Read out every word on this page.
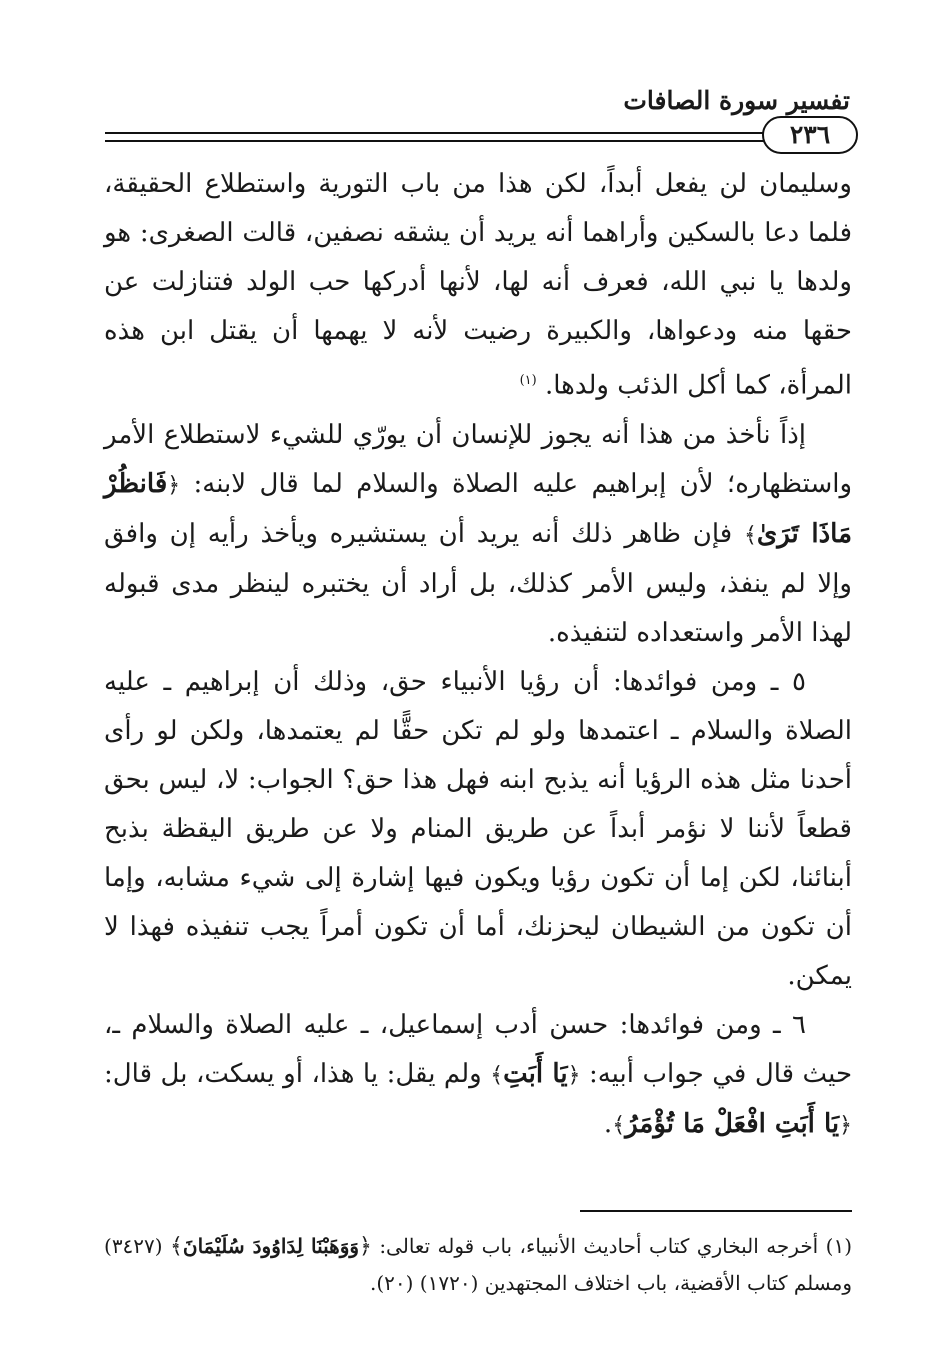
تفسير سورة الصافات
٢٣٦

وسليمان لن يفعل أبداً، لكن هذا من باب التورية واستطلاع الحقيقة، فلما دعا بالسكين وأراهما أنه يريد أن يشقه نصفين، قالت الصغرى: هو ولدها يا نبي الله، فعرف أنه لها، لأنها أدركها حب الولد فتنازلت عن حقها منه ودعواها، والكبيرة رضيت لأنه لا يهمها أن يقتل ابن هذه المرأة، كما أكل الذئب ولدها. $^{(١)}$

إذاً نأخذ من هذا أنه يجوز للإنسان أن يورّي للشيء لاستطلاع الأمر واستظهاره؛ لأن إبراهيم عليه الصلاة والسلام لما قال لابنه: ﴿فَانظُرْ مَاذَا تَرَىٰ﴾ فإن ظاهر ذلك أنه يريد أن يستشيره ويأخذ رأيه إن وافق وإلا لم ينفذ، وليس الأمر كذلك، بل أراد أن يختبره لينظر مدى قبوله لهذا الأمر واستعداده لتنفيذه.

٥ ـ ومن فوائدها: أن رؤيا الأنبياء حق، وذلك أن إبراهيم ـ عليه الصلاة والسلام ـ اعتمدها ولو لم تكن حقًّا لم يعتمدها، ولكن لو رأى أحدنا مثل هذه الرؤيا أنه يذبح ابنه فهل هذا حق؟ الجواب: لا، ليس بحق قطعاً لأننا لا نؤمر أبداً عن طريق المنام ولا عن طريق اليقظة بذبح أبنائنا، لكن إما أن تكون رؤيا ويكون فيها إشارة إلى شيء مشابه، وإما أن تكون من الشيطان ليحزنك، أما أن تكون أمراً يجب تنفيذه فهذا لا يمكن.

٦ ـ ومن فوائدها: حسن أدب إسماعيل، ـ عليه الصلاة والسلام ـ، حيث قال في جواب أبيه: ﴿يَا أَبَتِ﴾ ولم يقل: يا هذا، أو يسكت، بل قال: ﴿يَا أَبَتِ افْعَلْ مَا تُؤْمَرُ﴾.

(١) أخرجه البخاري كتاب أحاديث الأنبياء، باب قوله تعالى: ﴿وَوَهَبْنَا لِدَاوُودَ سُلَيْمَانَ﴾ (٣٤٢٧) ومسلم كتاب الأقضية، باب اختلاف المجتهدين (١٧٢٠) (٢٠).
